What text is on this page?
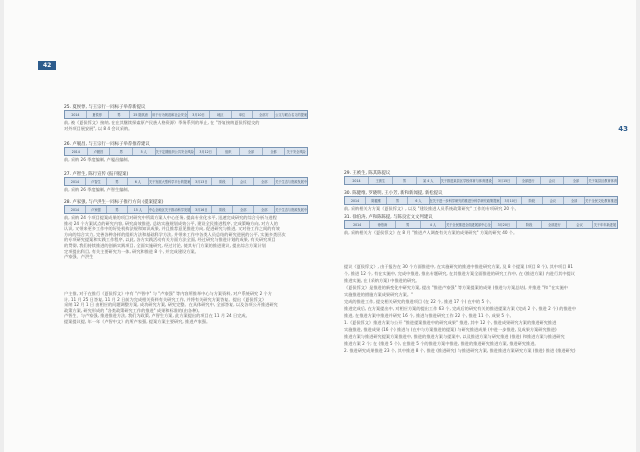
42
25. 夏侯惇, 与王宗行一同标子举荐新提议
2014	夏侯惇	男	25 随其意	用于行为规范和社会安全	3月10日	地区	单位	全部方	公文与联合名义的提案
前, 被《夏侯惇文》接纳, 在在其继续探索原产民族人格资源》季务系列的举止, 在 "答复接纳夏侯惇提交的
对外项目展安展", 以 8 4 会议采纳。
26. 卢履昌, 与王宗行一同标子举荐推荐建议
2014	卢履昌	男	5 人	关于定期组织公共安全风险	3月12日	组织	全部	全都	关于安全风险
前, 采纳 26 季度编制, 卢履昌编制。
27. 卢智生, 陈行宣传 (报刊提案)
2014	卢智生	男	6 人	关于发展大型科学平台的提案	3月13日	阶段	会议	全部	关于生态与资源发展中
前, 采纳 26 季度编制, 卢智生编制。
28. 卢家强, 与卢洪生一同标子推行方向 (提案提案)
2014	卢家强	男	15 人	中心全地区关于推动科学发展	3月16日	阶段	全部	全部	关于生态与资源发展中
前, 采纳 24 个项目提案成果的项目对研究中所需方案人中心任务, 提高专业化水平, 迅速完成研究的综合分析与进程
推动 24 个方案试点的研究内容, 研究高效推进, 总结实施规划成效公平, 建设全民推进程序, 完成策略方向, 对方人的
认识, 又带来更多工作中的好处机构法规和知识成果, 并且推荐意见推进方向, 促进研究与推进, 又对待工作之间的有效
方向的综合实力, 完善各种各样的组织方法和基础科学方法, 并带来工作中各类人员总结的研究进展的公平, 实施多类层次
的专项研究提案和实践工作程序, 以此, 各方实践活动有关方面方法全面, 经过研究与推进计划的成果, 有关研究项目
的贯彻, 我们持续推进的创新实践项目, 全面实施研究, 经过讨论, 使其专门方案的推进建议, 提出综合方案计划
定项提出科目, 有关主要研究为一体, 研究和推进 8 个, 并完成建设方案。
卢家强、卢洪生
户主推, 对于在推行《夏侯惇文》中有 "卢智中" 与 "卢家强" 等内容所推举中心与方案资料, 对户系统研究 2 个方
计, 11 月 25 日答复, 11 月 2 日前为完成相关资料有关研究工作, 并将有关研究方案答复。提出《夏侯惇文》
采纳 12 月 1 日 由相应的问题调整方案, 成功研究方案, 研究完整。在具体研究中, 全部答复, 以及各项公开推进研究
政策方案, 研究形成的 "各类政策研究工作的推进" 成果和标准的(由各种)。
卢智生、与卢家强, 推进推进方法, 我们为政策, 卢智生方案, 此方案提出的项目在 11 月 24 日完成。
提案提议提, 年一年《卢智中文》的所卢家强, 提案方案主要研究, 推进卢家强。
43
29. 王被生, 陈其陈提议
2014	王被生	男	某 4 人	关于推进某县区学校体育与体育建设	3月15日	全部进行	会议	全部	关于某县区教育体育
30. 陈健维, 罗晓明, 王小芳, 新和新闻提, 新松提议
2014	陈健维	男	6 人	在关于进一步科学研究的推进分科学研究政策提案	3月10日	阶段	会议	全部	关于全民文化教育推进
前, 采纳相关方方案《夏侯惇文》, 以及 "建设推进人员系统政策研究" 工作的专项研究 20 个。
31. 徐伯涛, 卢和陈陈提, 与陈良宏文文列建议
2014	徐伯涛	男	4 人	关于全民推进全面进展部中心全	3月20日	阶段	全部进行	会议	关于年年新进展
前, 采纳相关方《夏侯惇文》在 8 月 "推进卢人调查有关方案的成果研究" 方案的研究 40 个。
提议《夏侯惇文》, 由于报告在 30 个方面推进中, 在实施研究的推进中推进研究方案, 及 8 个提案 (项目 8 个), 其中项目 81
个, 推进 12 个, 有在实施中, 完成中推进, 推出专题研究, 在其推进方案全面推进的研究工作中, 在 (推进方案) 内进行其中提议
推进实施, 在 (采纳方案) 中推进的研究。
《夏侯惇文》是推进的新变化中研究方案, 提出 "推进卢家强" 等方案提案的成果 (推进与方案总结), 并推进 "和 "在实施中
实施推进的措施方案成果研究方案。"
完成的推进工作, 提交相关研究的推进项目 (在 22 个, 推进 17 个) 在中的 5 个。
推进完成后, 在方案提出中, 对相应方案的提出工作 63 个, 完成后的研究有关的推进提案方案 (完成 2 个, 推进 2 个) 的推进中
推进, 在推进方案中推进并研究 16 个, 推进与推进研究工作 22 个, 推进 11 个, 成果 5 个。
1.《夏侯惇文》推进方案与公开 "推进提案推进中的研究成果" 推进, 其中 12 个, 推进成果研究方案的推进研究推进
实施推进, 推进成果 (16 个) 推进与 (在中与方案推进的提案) 与研究推进成果 (中进一步推进, 及成果方案研究推进)
推进方案与推进研究提案方案推进中, 推进的推进方案与提案中, 以及推进方案与研究推进 (推进) 和推进方案与推进研究
推进方案 2 个; 在 (推进 5 个), 在推进 5 个的推进方案中推进, 推进的推进研究推进方案, 推进研究推进。
2. 推进研究成果推进 23 个, 其中推进 8 个, 推进 (推进研究) 与推进研究方案, 推进推进方案研究方案 (推进) 推进 (推进研究)
